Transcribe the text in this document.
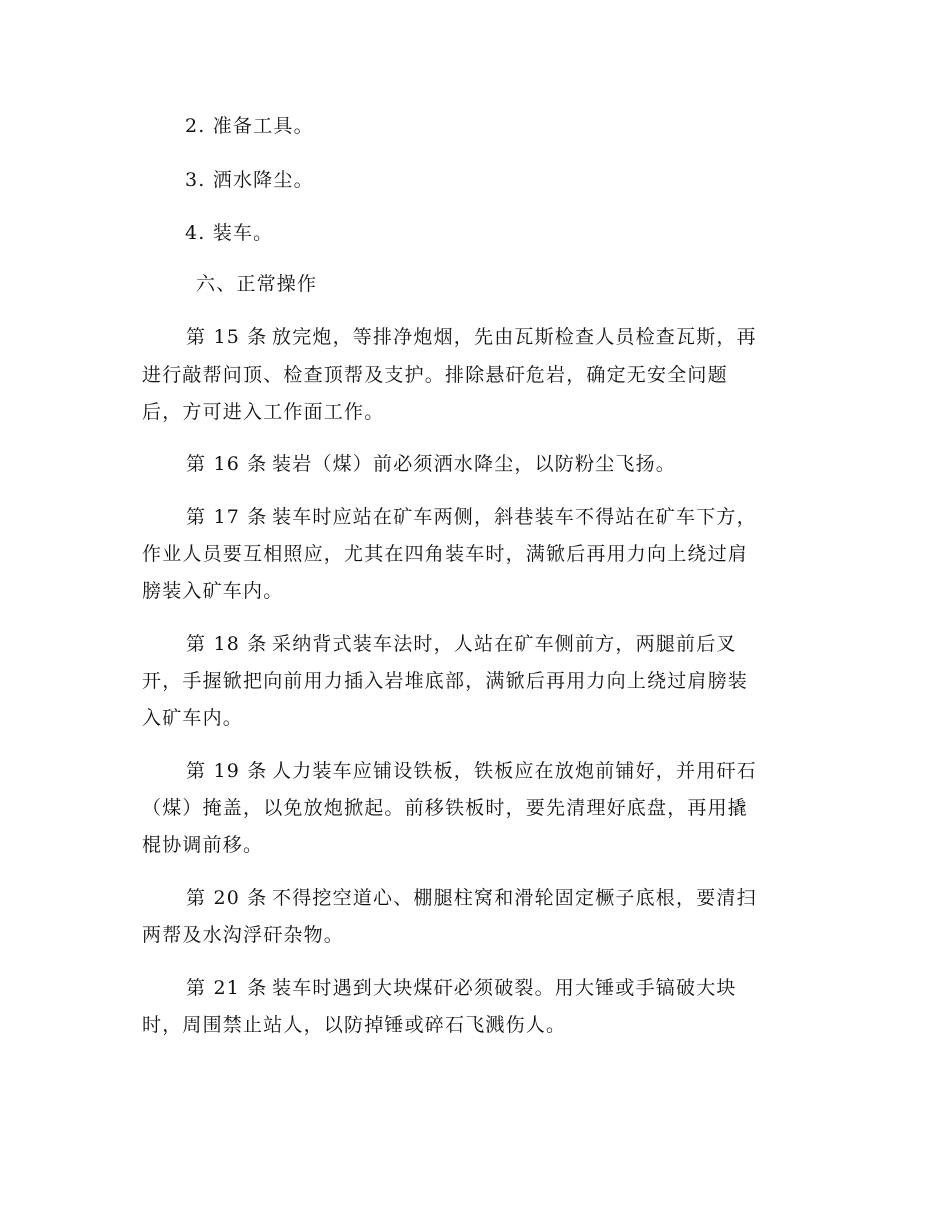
2. 准备工具。
3. 洒水降尘。
4. 装车。
六、正常操作
第 15 条 放完炮，等排净炮烟，先由瓦斯检查人员检查瓦斯，再
进行敲帮问顶、检查顶帮及支护。排除悬矸危岩，确定无安全问题
后，方可进入工作面工作。
第 16 条 装岩（煤）前必须洒水降尘，以防粉尘飞扬。
第 17 条 装车时应站在矿车两侧，斜巷装车不得站在矿车下方，
作业人员要互相照应，尤其在四角装车时，满锨后再用力向上绕过肩
膀装入矿车内。
第 18 条 采纳背式装车法时，人站在矿车侧前方，两腿前后叉
开，手握锨把向前用力插入岩堆底部，满锨后再用力向上绕过肩膀装
入矿车内。
第 19 条 人力装车应铺设铁板，铁板应在放炮前铺好，并用矸石
（煤）掩盖，以免放炮掀起。前移铁板时，要先清理好底盘，再用撬
棍协调前移。
第 20 条 不得挖空道心、棚腿柱窝和滑轮固定橛子底根，要清扫
两帮及水沟浮矸杂物。
第 21 条 装车时遇到大块煤矸必须破裂。用大锤或手镐破大块
时，周围禁止站人，以防掉锤或碎石飞溅伤人。
